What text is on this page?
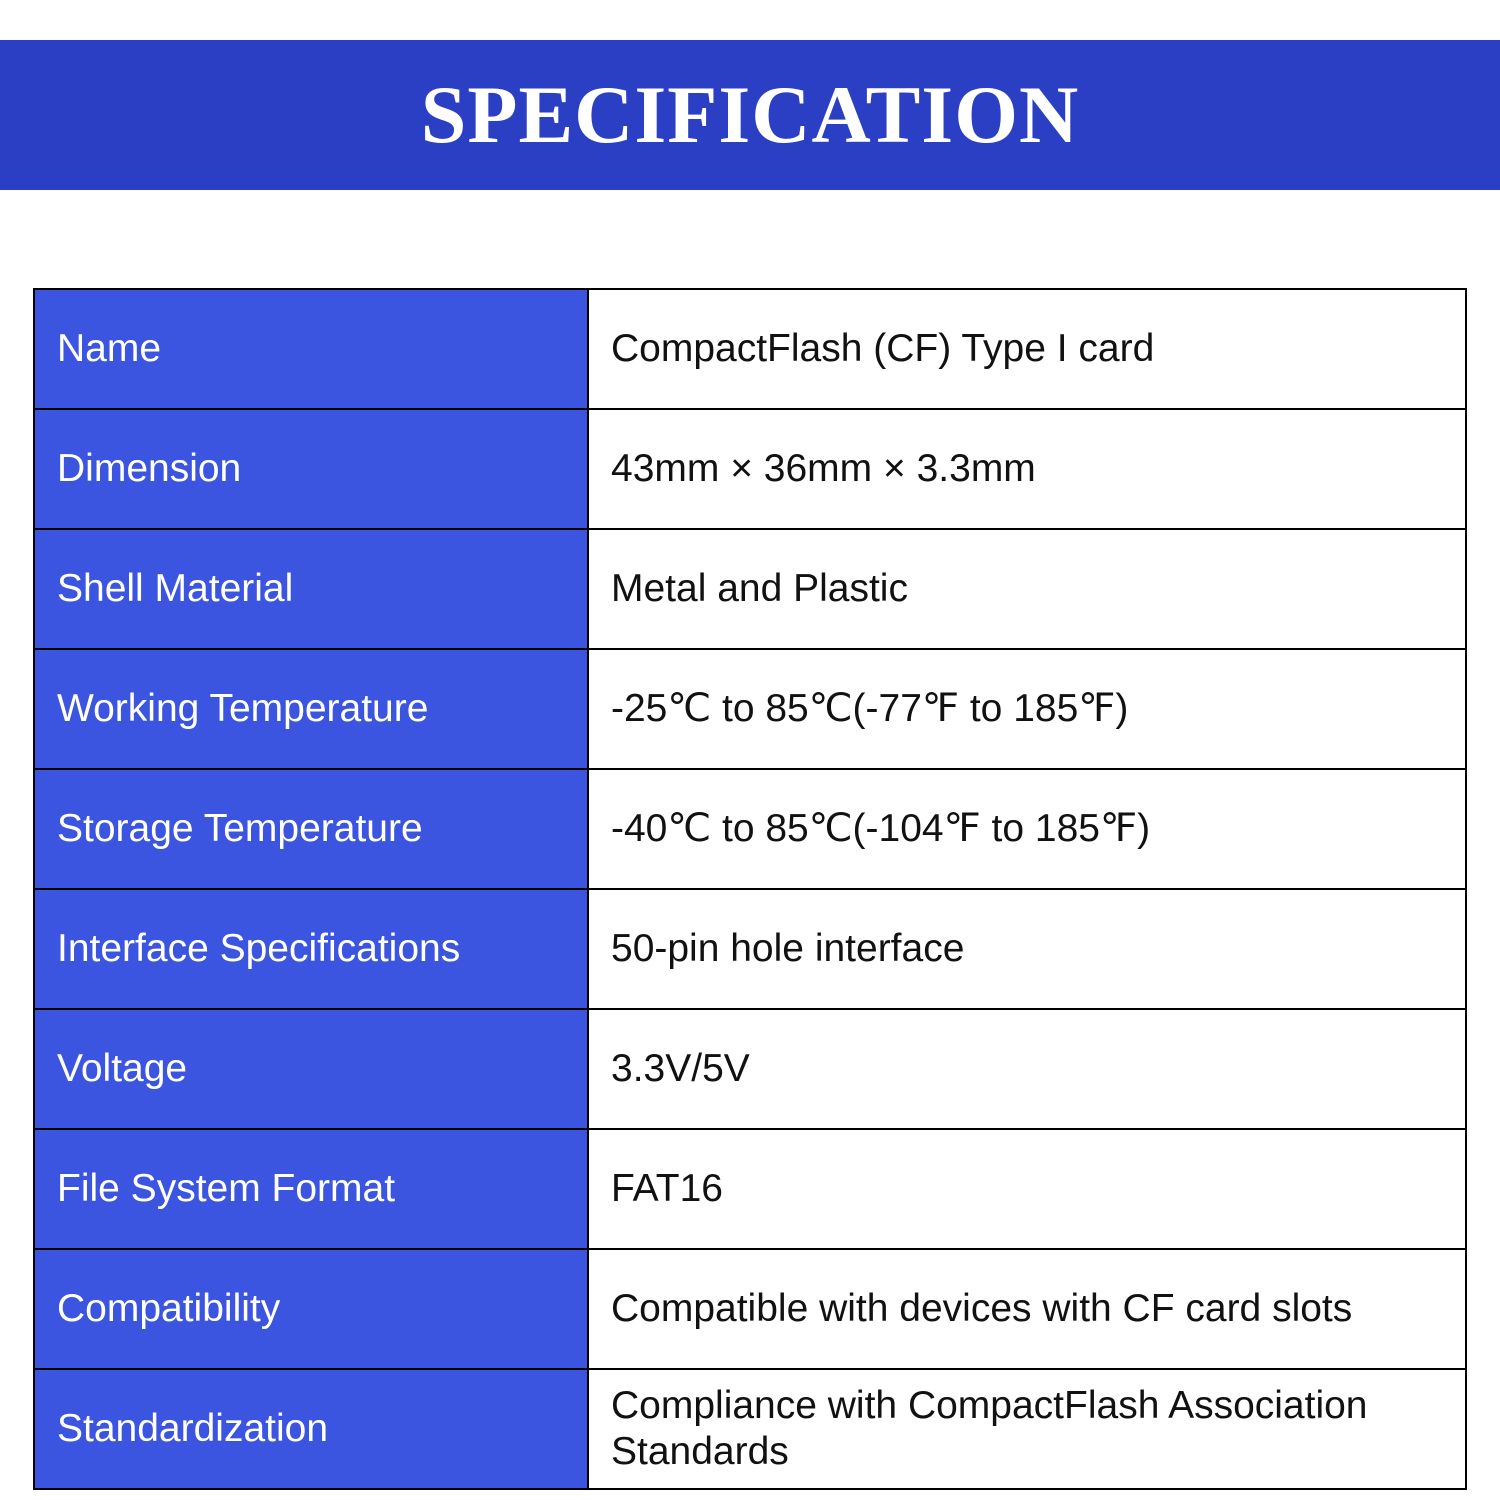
SPECIFICATION
Name	CompactFlash (CF) Type I card
Dimension	43mm × 36mm × 3.3mm
Shell Material	Metal and Plastic
Working Temperature	-25℃ to 85℃(-77℉ to 185℉)
Storage Temperature	-40℃ to 85℃(-104℉ to 185℉)
Interface Specifications	50-pin hole interface
Voltage	3.3V/5V
File System Format	FAT16
Compatibility	Compatible with devices with CF card slots
Standardization	Compliance with CompactFlash Association Standards
